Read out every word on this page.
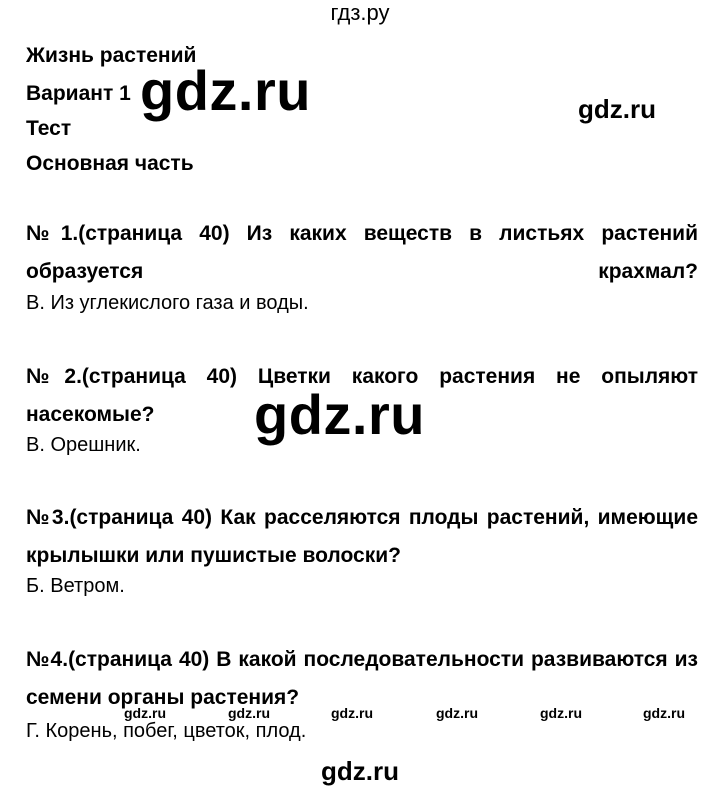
гдз.ру
Жизнь растений
Вариант 1
Тест
Основная часть
gdz.ru	gdz.ru
№1.(страница 40) Из каких веществ в листьях растений образуется крахмал?
В. Из углекислого газа и воды.
№2.(страница 40) Цветки какого растения не опыляют насекомые?
В. Орешник. gdz.ru
№3.(страница 40) Как расселяются плоды растений, имеющие крылышки или пушистые волоски?
Б. Ветром.
№4.(страница 40) В какой последовательности развиваются из семени органы растения?
gdz.ru	gdz.ru	gdz.ru	gdz.ru	gdz.ru	gdz.ru
Г. Корень, побег, цветок, плод.
gdz.ru
